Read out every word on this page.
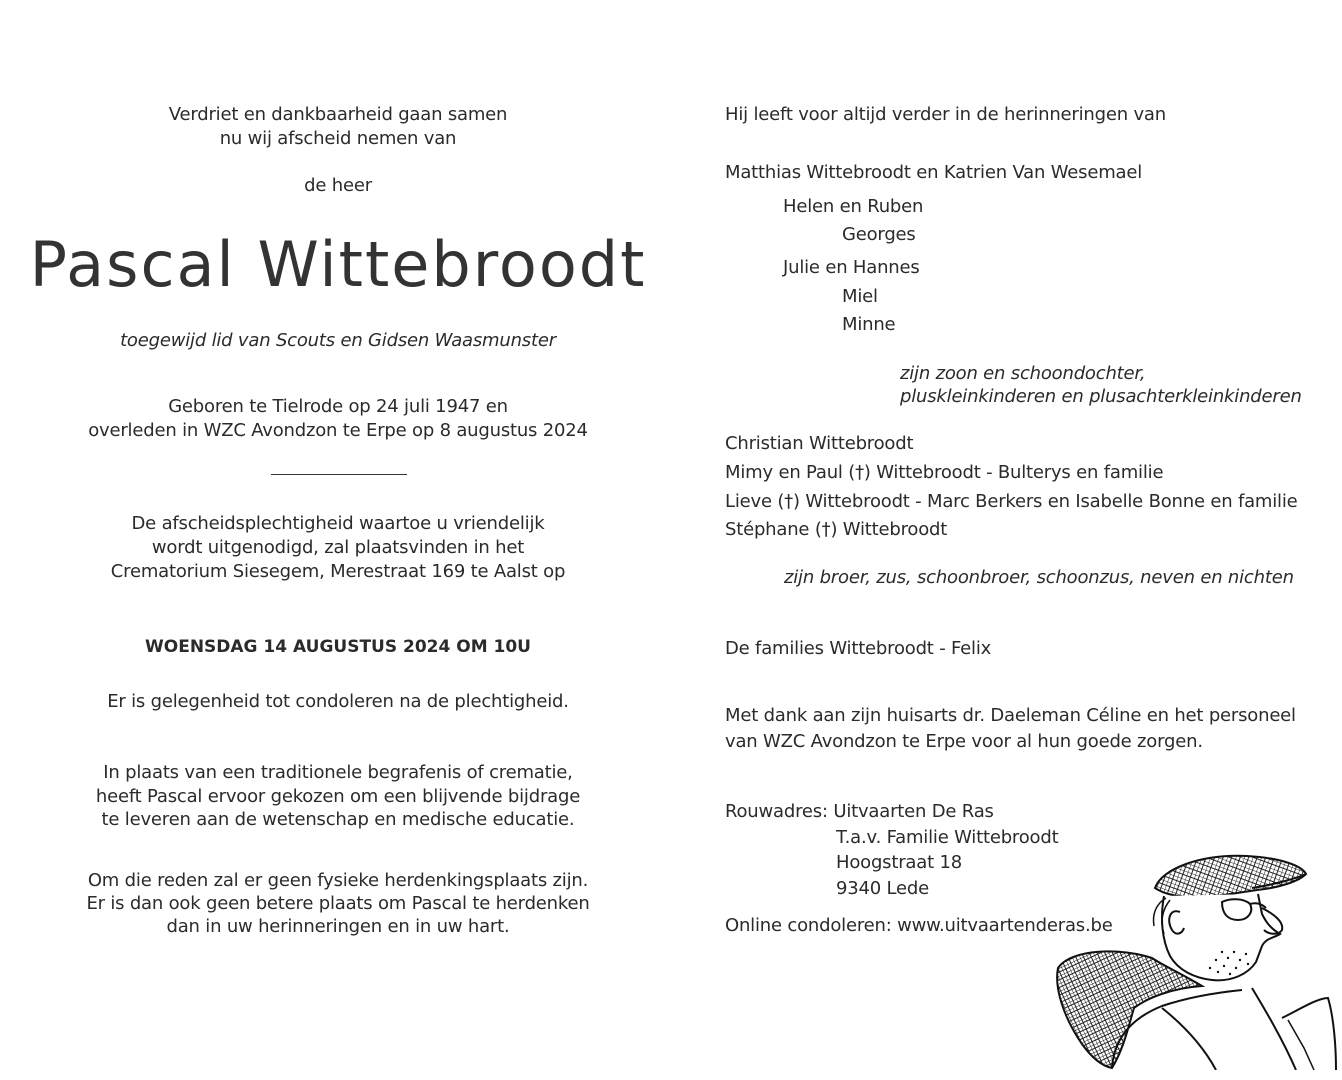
Verdriet en dankbaarheid gaan samen
nu wij afscheid nemen van
de heer
Pascal Wittebroodt
toegewijd lid van Scouts en Gidsen Waasmunster
Geboren te Tielrode op 24 juli 1947 en
overleden in WZC Avondzon te Erpe op 8 augustus 2024
De afscheidsplechtigheid waartoe u vriendelijk
wordt uitgenodigd, zal plaatsvinden in het
Crematorium Siesegem, Merestraat 169 te Aalst op
WOENSDAG 14 AUGUSTUS 2024 OM 10U
Er is gelegenheid tot condoleren na de plechtigheid.
In plaats van een traditionele begrafenis of crematie,
heeft Pascal ervoor gekozen om een blijvende bijdrage
te leveren aan de wetenschap en medische educatie.
Om die reden zal er geen fysieke herdenkingsplaats zijn.
Er is dan ook geen betere plaats om Pascal te herdenken
dan in uw herinneringen en in uw hart.
Hij leeft voor altijd verder in de herinneringen van
Matthias Wittebroodt en Katrien Van Wesemael
Helen en Ruben
Georges
Julie en Hannes
Miel
Minne
zijn zoon en schoondochter,
pluskleinkinderen en plusachterkleinkinderen
Christian Wittebroodt
Mimy en Paul (†) Wittebroodt - Bulterys en familie
Lieve (†) Wittebroodt - Marc Berkers en Isabelle Bonne en familie
Stéphane (†) Wittebroodt
zijn broer, zus, schoonbroer, schoonzus, neven en nichten
De families Wittebroodt - Felix
Met dank aan zijn huisarts dr. Daeleman Céline en het personeel
van WZC Avondzon te Erpe voor al hun goede zorgen.
Rouwadres: Uitvaarten De Ras
T.a.v. Familie Wittebroodt
Hoogstraat 18
9340 Lede
Online condoleren: www.uitvaartenderas.be
